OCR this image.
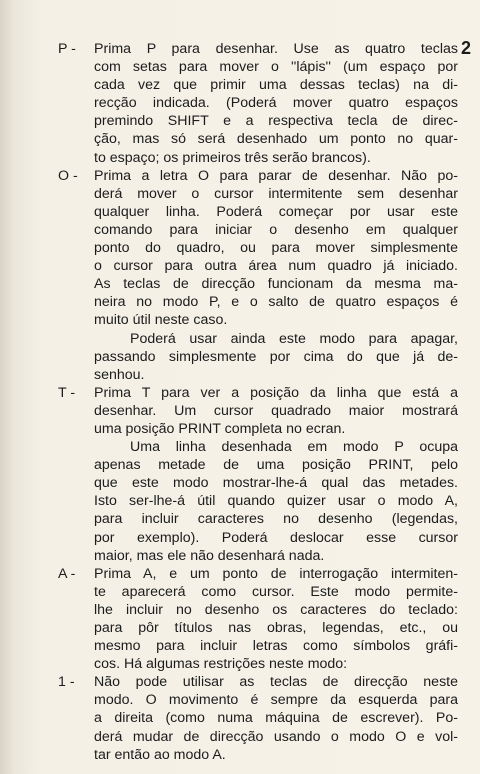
2
P - Prima P para desenhar. Use as quatro teclas
com setas para mover o ''lápis'' (um espaço por
cada vez que primir uma dessas teclas) na di-
recção indicada. (Poderá mover quatro espaços
premindo SHIFT e a respectiva tecla de direc-
ção, mas só será desenhado um ponto no quar-
to espaço; os primeiros três serão brancos).
O - Prima a letra O para parar de desenhar. Não po-
derá mover o cursor intermitente sem desenhar
qualquer linha. Poderá começar por usar este
comando para iniciar o desenho em qualquer
ponto do quadro, ou para mover simplesmente
o cursor para outra área num quadro já iniciado.
As teclas de direcção funcionam da mesma ma-
neira no modo P, e o salto de quatro espaços é
muito útil neste caso.
Poderá usar ainda este modo para apagar,
passando simplesmente por cima do que já de-
senhou.
T - Prima T para ver a posição da linha que está a
desenhar. Um cursor quadrado maior mostrará
uma posição PRINT completa no ecran.
Uma linha desenhada em modo P ocupa
apenas metade de uma posição PRINT, pelo
que este modo mostrar-lhe-á qual das metades.
Isto ser-lhe-á útil quando quizer usar o modo A,
para incluir caracteres no desenho (legendas,
por exemplo). Poderá deslocar esse cursor
maior, mas ele não desenhará nada.
A - Prima A, e um ponto de interrogação intermiten-
te aparecerá como cursor. Este modo permite-
lhe incluir no desenho os caracteres do teclado:
para pôr títulos nas obras, legendas, etc., ou
mesmo para incluir letras como símbolos gráfi-
cos. Há algumas restrições neste modo:
1 - Não pode utilisar as teclas de direcção neste
modo. O movimento é sempre da esquerda para
a direita (como numa máquina de escrever). Po-
derá mudar de direcção usando o modo O e vol-
tar então ao modo A.
